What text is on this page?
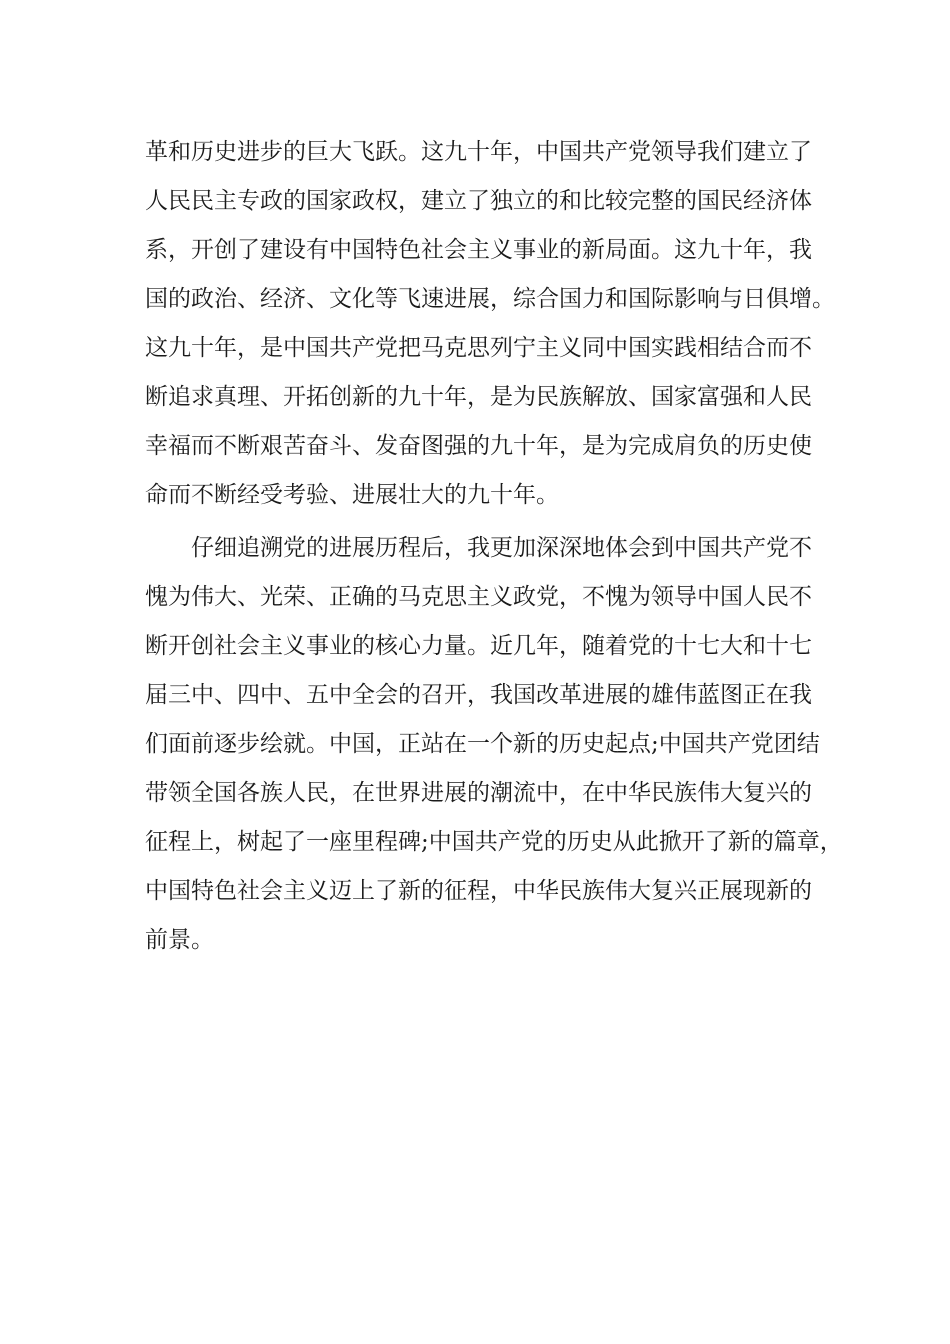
革和历史进步的巨大飞跃。这九十年，中国共产党领导我们建立了
人民民主专政的国家政权，建立了独立的和比较完整的国民经济体
系，开创了建设有中国特色社会主义事业的新局面。这九十年，我
国的政治、经济、文化等飞速进展，综合国力和国际影响与日俱增。
这九十年，是中国共产党把马克思列宁主义同中国实践相结合而不
断追求真理、开拓创新的九十年，是为民族解放、国家富强和人民
幸福而不断艰苦奋斗、发奋图强的九十年，是为完成肩负的历史使
命而不断经受考验、进展壮大的九十年。
仔细追溯党的进展历程后，我更加深深地体会到中国共产党不
愧为伟大、光荣、正确的马克思主义政党，不愧为领导中国人民不
断开创社会主义事业的核心力量。近几年，随着党的十七大和十七
届三中、四中、五中全会的召开，我国改革进展的雄伟蓝图正在我
们面前逐步绘就。中国，正站在一个新的历史起点;中国共产党团结
带领全国各族人民，在世界进展的潮流中，在中华民族伟大复兴的
征程上，树起了一座里程碑;中国共产党的历史从此掀开了新的篇章，
中国特色社会主义迈上了新的征程，中华民族伟大复兴正展现新的
前景。
